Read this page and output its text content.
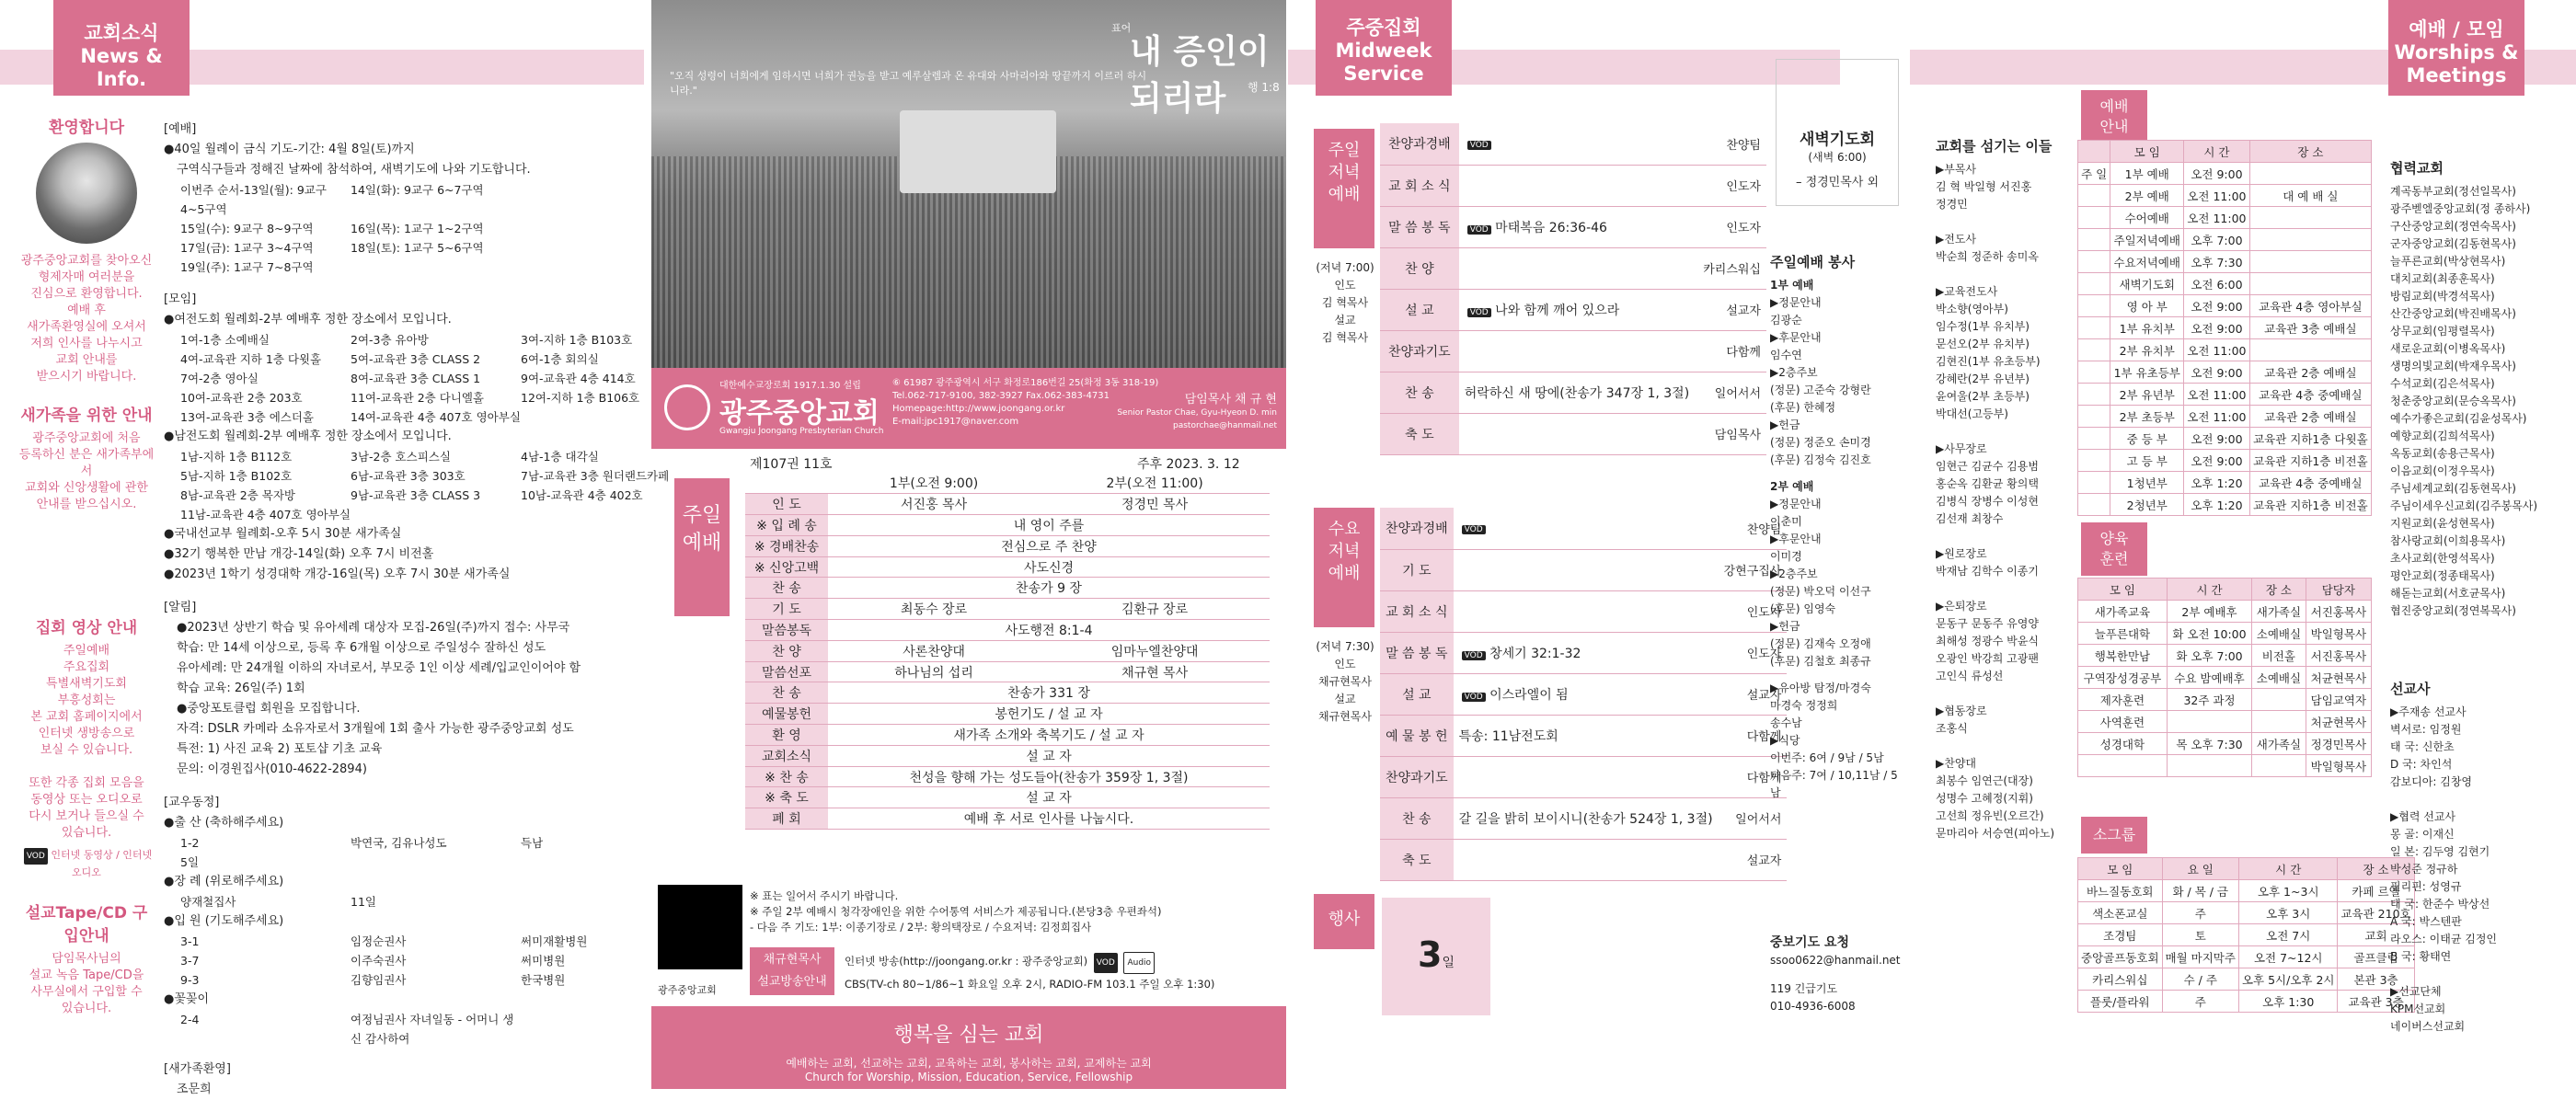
교회소식
News & Info.
환영합니다
광주중앙교회를 찾아오신
형제자매 여러분을
진심으로 환영합니다.
예배 후
새가족환영실에 오셔서
저희 인사를 나누시고
교회 안내를
받으시기 바랍니다.
새가족을 위한 안내
광주중앙교회에 처음
등록하신 분은 새가족부에서
교회와 신앙생활에 관한
안내를 받으십시오.
집회 영상 안내
주일예배
주요집회
특별새벽기도회
부흥성회는
본 교회 홈페이지에서
인터넷 생방송으로
보실 수 있습니다.

또한 각종 집회 모음을
동영상 또는 오디오로
다시 보거나 들으실 수
있습니다.
VOD 인터넷 동영상 / 인터넷 오디오
설교Tape/CD 구입안내
담임목사님의
설교 녹음 Tape/CD을
사무실에서 구입할 수
있습니다.
[예배]
●40일 월례이 금식 기도-기간: 4월 8일(토)까지
구역식구들과 정해진 날짜에 참석하여, 새벽기도에 나와 기도합니다.
이번주 순서-13일(월): 9교구 4~5구역
14일(화): 9교구 6~7구역
15일(수): 9교구 8~9구역	16일(목): 1교구 1~2구역
17일(금): 1교구 3~4구역	18일(토): 1교구 5~6구역
19일(주): 1교구 7~8구역
[모임]
●여전도회 월례회-2부 예배후 정한 장소에서 모입니다.
1여-1층 소예배실	2여-3층 유아방	3여-지하 1층 B103호
4여-교육관 지하 1층 다윗홀	5여-교육관 3층 CLASS 2	6여-1층 회의실
7여-2층 영아실	8여-교육관 3층 CLASS 1	9여-교육관 4층 414호
10여-교육관 2층 203호	11여-교육관 2층 다니엘홀	12여-지하 1층 B106호
13여-교육관 3층 에스더홀	14여-교육관 4층 407호 영아부실
●남전도회 월례회-2부 예배후 정한 장소에서 모입니다.
1남-지하 1층 B112호	3남-2층 호스피스실	4남-1층 대각실
5남-지하 1층 B102호	6남-교육관 3층 303호	7남-교육관 3층 원더랜드카페
8남-교육관 2층 목자방	9남-교육관 3층 CLASS 3	10남-교육관 4층 402호
11남-교육관 4층 407호 영아부실
●국내선교부 월례회-오후 5시 30분 새가족실
●32기 행복한 만남 개강-14일(화) 오후 7시 비전홀
●2023년 1학기 성경대학 개강-16일(목) 오후 7시 30분 새가족실
[알림]
●2023년 상반기 학습 및 유아세례 대상자 모집-26일(주)까지 접수: 사무국
학습: 만 14세 이상으로, 등록 후 6개월 이상으로 주일성수 잘하신 성도
유아세례: 만 24개월 이하의 자녀로서, 부모중 1인 이상 세례/입교인이어야 함
학습 교육: 26일(주) 1회
●중앙포토클럽 회원을 모집합니다.
자격: DSLR 카메라 소유자로서 3개월에 1회 출사 가능한 광주중앙교회 성도
특전: 1) 사진 교육 2) 포토샵 기초 교육
문의: 이경원집사(010-4622-2894)
[교우동정]
●출 산 (축하해주세요)
1-2	박연국, 김유나성도	득남
5일
●장 례 (위로해주세요)
양재철집사	11일
●입 원 (기도해주세요)
3-1	임정순권사	써미재활병원
3-7	이주숙권사	써미병원
9-3	김향임권사	한국병원
●꽃꽂이
2-4	여정님권사 자녀일동 - 어머니 생신 감사하여
[새가족환영]
조문희
"오직 성령이 너희에게 임하시면 너희가 권능을 받고 예루살렘과 온 유대와 사마리아와 땅끝까지 이르러 하시니라."
표어
내 증인이 되리라	행 1:8
대한예수교장로회 1917.1.30 설립
광주중앙교회
Gwangju Joongang Presbyterian Church
⑥ 61987 광주광역시 서구 화정로186번길 25(화정 3동 318-19)
Tel.062-717-9100, 382-3927 Fax.062-383-4731
Homepage:http://www.joongang.or.kr
E-mail:jpc1917@naver.com
담임목사 채 규 현
Senior Pastor Chae, Gyu-Hyeon D. min
pastorchae@hanmail.net
제107권 11호	주후 2023. 3. 12
주일
예배
	1부(오전 9:00)	2부(오전 11:00)
인 도	서진홍 목사	정경민 목사
※ 입 례 송	내 영이 주를	
※ 경배찬송	전심으로 주 찬양	
※ 신앙고백	사도신경	
찬 송	찬송가 9 장	
기 도	최동수 장로	김환규 장로
말씀봉독	사도행전 8:1-4	
찬 양	사론찬양대	임마누엘찬양대
말씀선포	하나님의 섭리	채규현 목사
찬 송	찬송가 331 장	
예물봉헌	봉헌기도 / 설 교 자	
환 영	새가족 소개와 축복기도 / 설 교 자	
교회소식	설 교 자	
※ 찬 송	천성을 향해 가는 성도들아(찬송가 359장 1, 3절)	
※ 축 도	설 교 자	
폐 회	예배 후 서로 인사를 나눕시다.	
※ 표는 일어서 주시기 바랍니다.
※ 주일 2부 예배시 청각장애인을 위한 수어통역 서비스가 제공됩니다.(본당3층 우편좌석)
- 다음 주 기도: 1부: 이종기장로 / 2부: 황의택장로 / 수요저녁: 김정희집사
광주중앙교회
채규현목사
설교방송안내
인터넷 방송(http://joongang.or.kr : 광주중앙교회) VOD Audio
CBS(TV-ch 80~1/86~1 화요일 오후 2시, RADIO-FM 103.1 주일 오후 1:30)
행복을 심는 교회
예배하는 교회, 선교하는 교회, 교육하는 교회, 봉사하는 교회, 교제하는 교회
Church for Worship, Mission, Education, Service, Fellowship
주중집회
Midweek
Service
주일
저녁
예배
(저녁 7:00)
인도
김 혁목사
설교
김 혁목사
찬양과경배	VOD	찬양팀
교 회 소 식		인도자
말 씀 봉 독	VOD 마태복음 26:36-46	인도자
찬 양		카리스워십
설 교	VOD 나와 함께 깨어 있으라	설교자
찬양과기도		다함께
찬 송	허락하신 새 땅에(찬송가 347장 1, 3절)	일어서서
축 도		담임목사
수요
저녁
예배
(저녁 7:30)
인도
채규현목사
설교
채규현목사
찬양과경배	VOD	찬양팀
기 도		강현구집사
교 회 소 식		인도자
말 씀 봉 독	VOD 창세기 32:1-32	인도자
설 교	VOD 이스라엘이 됨	설교자
예 물 봉 헌	특송: 11남전도회	다함께
찬양과기도		다함께
찬 송	갈 길을 밝히 보이시니(찬송가 524장 1, 3절)	일어서서
축 도		설교자
행사
3일
새벽기도회
(새벽 6:00)
– 정경민목사 외
주일예배 봉사
1부 예배
▶정문안내
김광순
▶후문안내
임수연
▶2층주보
(정문) 고준숙 강형란
(후문) 한혜정
▶헌금
(정문) 정준오 손미경
(후문) 김정숙 김진호
2부 예배
▶정문안내
이춘미
▶후문안내
이미경
▶2층주보
(정문) 박오덕 이선구
(후문) 임영숙
▶헌금
(정문) 김재숙 오정애
(후문) 김철호 최종규
▶유아방 탐정/마경숙
마경숙 정정희
송수남
▶식당
이번주: 6여 / 9남 / 5남
다음주: 7여 / 10,11남 / 5남
중보기도 요청
ssoo0622@hanmail.net
119 긴급기도
010-4936-6008
교회를 섬기는 이들
▶부목사
김 혁 박일형 서진홍
정경민

▶전도사
박순희 정준하 송미옥

▶교육전도사
박소향(영아부)
임수정(1부 유치부)
문선오(2부 유치부)
김현진(1부 유초등부)
강혜란(2부 유년부)
윤여울(2부 초등부)
박대선(고등부)

▶사무장로
임현근 김균수 김용범
홍순옥 김환균 황의택
김병식 장병수 이성현
김선재 최창수

▶원로장로
박재남 김학수 이종기

▶은퇴장로
문동구 문동주 유영양
최해성 정광수 박윤식
오광인 박강희 고광팬
고인식 류성선

▶협동장로
조홍식

▶찬양대
최봉수 임연근(대장)
성명수 고혜정(지휘)
고선희 정유빈(오르간)
문마리아 서승연(피아노)
예배 / 모임
Worships &
Meetings
예배
안내
	모 임	시 간	장 소
주 일	1부 예배	오전 9:00	
	2부 예배	오전 11:00	대 예 배 실
	수어예배	오전 11:00	
	주일저녁예배	오후 7:00	
	수요저녁예배	오후 7:30	
	새벽기도회	오전 6:00	
	영 아 부	오전 9:00	교육관 4층 영아부실
	1부 유치부	오전 9:00	교육관 3층 예배실
	2부 유치부	오전 11:00	
	1부 유초등부	오전 9:00	교육관 2층 예배실
	2부 유년부	오전 11:00	교육관 4층 중예배실
	2부 초등부	오전 11:00	교육관 2층 예배실
	중 등 부	오전 9:00	교육관 지하1층 다윗홀
	고 등 부	오전 9:00	교육관 지하1층 비전홀
	1청년부	오후 1:20	교육관 4층 중예배실
	2청년부	오후 1:20	교육관 지하1층 비전홀
양육
훈련
모 임	시 간	장 소	담당자
새가족교육	2부 예배후	새가족실	서진홍목사
늘푸른대학	화 오전 10:00	소예배실	박일형목사
행복한만남	화 오후 7:00	비전홀	서진홍목사
구역장성경공부	수요 밤예배후	소예배실	처균현목사
제자훈련	32주 과정		담임교역자
사역훈련			처균현목사
성경대학	목 오후 7:30	새가족실	정경민목사
			박일형목사
소그룹
모 임	요 일	시 간	장 소
바느질동호회	화 / 목 / 금	오후 1~3시	카페 르엘
색소폰교실	주	오후 3시	교육관 210호
조경팀	토	오전 7시	교회
중앙골프동호회	매월 마지막주	오전 7~12시	골프클럽
카리스워십	수 / 주	오후 5시/오후 2시	본관 3층
플룻/플라워	주	오후 1:30	교육관 3층
협력교회
계곡동부교회(정선일목사)
광주벧엘중앙교회(정 종하사)
구산중앙교회(정연숙목사)
군자중앙교회(김동현목사)
늘푸른교회(박상현목사)
대치교회(최종훈목사)
방림교회(박경석목사)
산간중앙교회(박진배목사)
상무교회(임평렬목사)
새로운교회(이병옥목사)
생명의빛교회(박재우목사)
수석교회(김은석목사)
청춘중앙교회(문승옥목사)
예수가좋은교회(김윤성목사)
예향교회(김희석목사)
옥동교회(송용근목사)
이음교회(이정우목사)
주님세계교회(김동현목사)
주님이세우신교회(김주봉목사)
지원교회(윤성현목사)
참사랑교회(이희용목사)
초사교회(한영석목사)
평안교회(정종태목사)
해돋는교회(서호균목사)
협진중앙교회(정연복목사)
선교사
▶주재송 선교사
벽서로: 임정원
태 국: 신한초
D 국: 차인석
감보디아: 김창영

▶협력 선교사
몽 골: 이재신
일 본: 김두영 김현기
박성준 정규하
필리핀: 성영규
태 국: 한준수 박상선
A 국: 박스텐판
라오스: 이태균 김정인
B 국: 황태연

▶선교단체
KPM선교회
네이버스선교회
